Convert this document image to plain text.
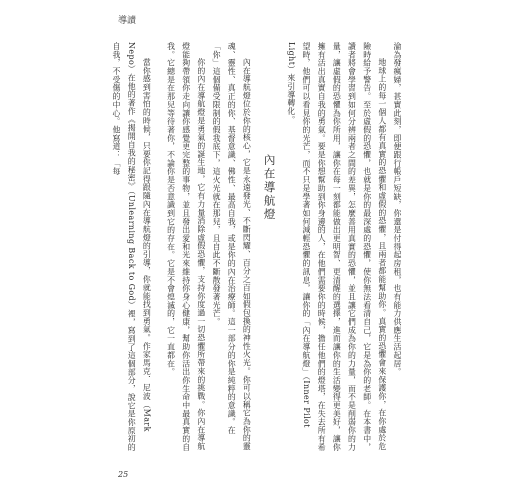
導讀

淪為發瘋婦，甚實此刻，即便跟行帳戶短缺，你還是付得起房租，也有能力供應生活起居。

地球上的每一個人都有真實的恐懼和虛假的恐懼，且兩者都能幫助你。真實的恐懼會來保護你，在你處於危險時給予警告。至於虛假的恐懼，也就是你的最深處的恐懼，使你無法看清自己，它是為你的老師。在本書中，讀者將會學習到如何分辨兩者之間的差異，怎麼善用真實的恐懼，並且讓它們成為你的力量，而不是削弱你的力量，讓虛假的恐懼為你所用，讓你在每一刻都能做出更明智、更清醒的選擇，進而讓你的生活變得更美好，讓你擁有活出真實自我的勇氣。要是你想幫助到你身邊的人，在他們需要你的時候，擔任他們的燈塔，在失去所有希望時，他們可以看見你的光芒，而不只是學著如何減輕恐懼的訊息，讓你的「內在導航燈」（Inner Pilot Light）來引導轉化。

內在導航燈

內在導航燈位於你的核心，它是永遠發光、不斷閃耀、百分之百如假包換的神性火光。你可以稱它為你的靈魂、靈性、真正的你、基督意識、佛性、最高自我，或是你的內在治療師。這一部分的你是純粹的意識。在「你」這個備受限制的假我底下，這火光就在那兒，且自此不斷散發著光芒。

你的內在導航燈是勇氣的誕生地，它有力量消除虛假恐懼，支持你度過一切恐懼所帶來的挑戰。你內在導航燈能夠帶領你走向讓你感覺更完整的事物，並且發出愛和光來維持你身心健康，幫助你活出你生命中最真實的自我。它總是在那兒等待著你，不論你是否意識到它的存在。它是不會熄滅的，它一直都在。

當你感到害怕的時候，只要你記得跟隨內在導航燈的引導，你就能找到勇氣。作家馬克．尼波（Mark Nepo）在他的著作《揭開自我的秘密》（Unlearning Back to God）裡，寫到了這個部分，說它是你原初的自我，不受傷的中心。他寫道：「每

25
